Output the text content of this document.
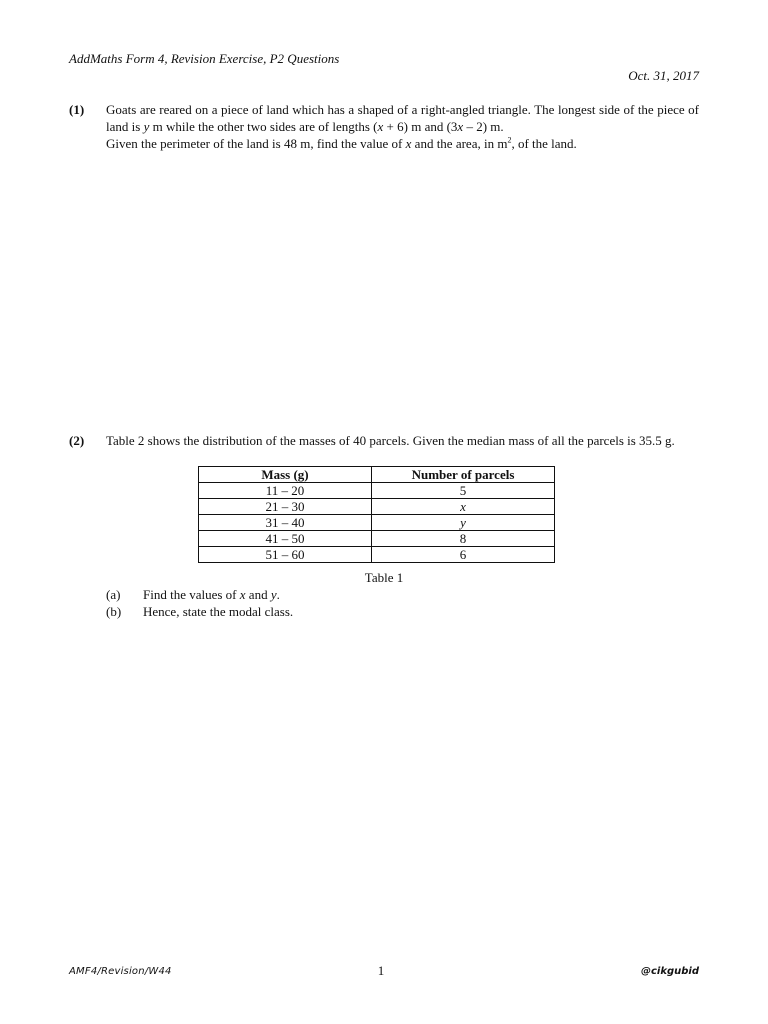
AddMaths Form 4, Revision Exercise, P2 Questions
Oct. 31, 2017
(1) Goats are reared on a piece of land which has a shaped of a right-angled triangle. The longest side of the piece of land is y m while the other two sides are of lengths (x + 6) m and (3x – 2) m.

Given the perimeter of the land is 48 m, find the value of x and the area, in $m^2$, of the land.

(2) Table 2 shows the distribution of the masses of 40 parcels. Given the median mass of all the parcels is 35.5 g.

Mass (g)	Number of parcels
11 – 20	5
21 – 30	x
31 – 40	y
41 – 50	8
51 – 60	6
Table 1
(a) Find the values of x and y.
(b) Hence, state the modal class.
AMF4/Revision/W44	1	@cikgubid
